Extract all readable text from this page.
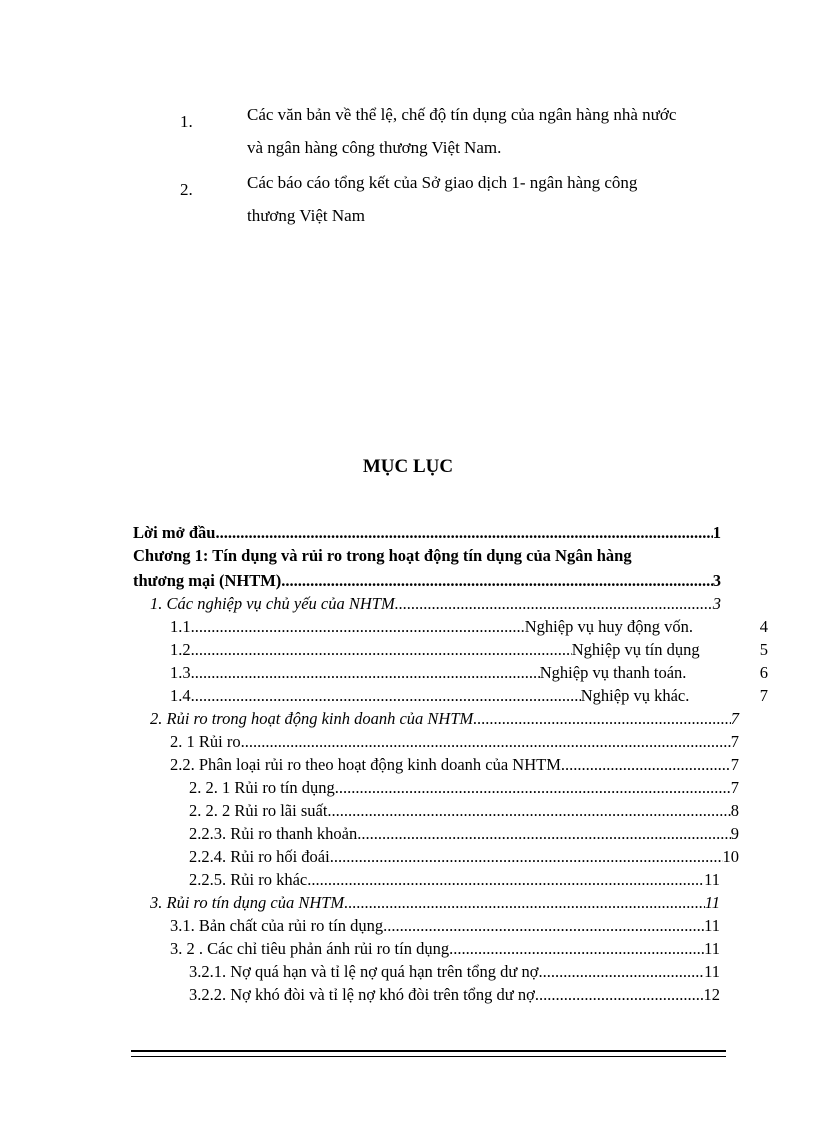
1.	Các văn bản về thể lệ, chế độ tín dụng của ngân hàng nhà nước
và ngân hàng công thương Việt Nam.
2.	Các báo cáo tổng kết của Sở giao dịch 1- ngân hàng công
thương Việt Nam
MỤC LỤC
Lời mở đầu .....	1
Chương 1: Tín dụng và rủi ro trong hoạt động tín dụng của Ngân hàng
thương mại (NHTM) .....	3
1. Các nghiệp vụ chủ yếu của NHTM. .....	3
1.1. .....	Nghiệp vụ huy động vốn.	4
1.2. .....	Nghiệp vụ tín dụng	5
1.3. .....	Nghiệp vụ thanh toán.	6
1.4. .....	Nghiệp vụ khác.	7
2. Rủi ro trong hoạt động kinh doanh của NHTM. .....	7
2. 1 Rủi ro .....	7
2.2. Phân loại rủi ro theo hoạt động kinh doanh của NHTM. .....	7
2. 2. 1 Rủi ro tín dụng .....	7
2. 2. 2 Rủi ro lãi suất. .....	8
2.2.3. Rủi ro thanh khoản. .....	9
2.2.4. Rủi ro hối đoái .....	10
2.2.5. Rủi ro khác. .....	11
3. Rủi ro tín dụng của NHTM .....	11
3.1. Bản chất của rủi ro tín dụng. .....	11
3. 2 . Các chỉ tiêu phản ánh rủi ro tín dụng. .....	11
3.2.1. Nợ quá hạn và tỉ lệ nợ quá hạn trên tổng dư nợ. .....	11
3.2.2. Nợ khó đòi và tỉ lệ nợ khó đòi trên tổng dư nợ. .....	12
